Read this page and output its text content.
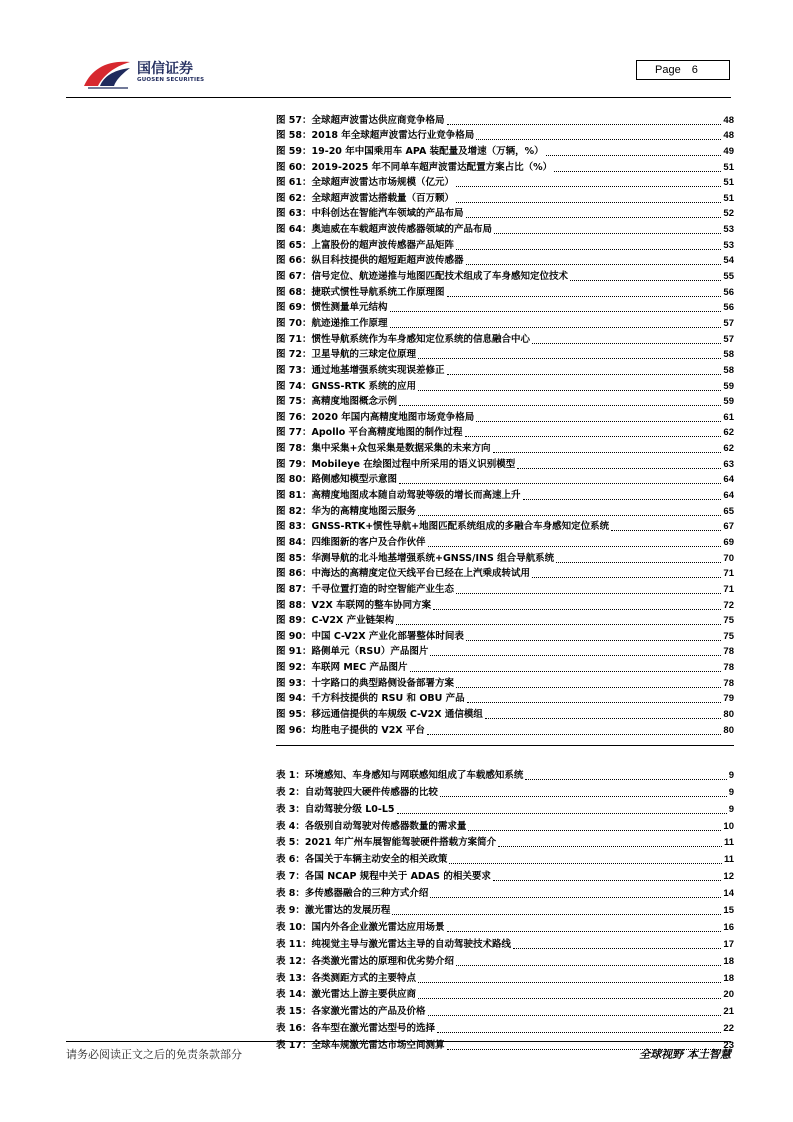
国信证券
GUOSEN SECURITIES
Page 6
图 57： 全球超声波雷达供应商竞争格局	48
图 58： 2018 年全球超声波雷达行业竞争格局	48
图 59： 19-20 年中国乘用车 APA 装配量及增速（万辆，%）	49
图 60： 2019-2025 年不同单车超声波雷达配置方案占比（%）	51
图 61： 全球超声波雷达市场规模（亿元）	51
图 62： 全球超声波雷达搭载量（百万颗）	51
图 63： 中科创达在智能汽车领域的产品布局	52
图 64： 奥迪威在车载超声波传感器领域的产品布局	53
图 65： 上富股份的超声波传感器产品矩阵	53
图 66： 纵目科技提供的超短距超声波传感器	54
图 67： 信号定位、航迹递推与地图匹配技术组成了车身感知定位技术	55
图 68： 捷联式惯性导航系统工作原理图	56
图 69： 惯性测量单元结构	56
图 70： 航迹递推工作原理	57
图 71： 惯性导航系统作为车身感知定位系统的信息融合中心	57
图 72： 卫星导航的三球定位原理	58
图 73： 通过地基增强系统实现误差修正	58
图 74： GNSS-RTK 系统的应用	59
图 75： 高精度地图概念示例	59
图 76： 2020 年国内高精度地图市场竞争格局	61
图 77： Apollo 平台高精度地图的制作过程	62
图 78： 集中采集+众包采集是数据采集的未来方向	62
图 79： Mobileye 在绘图过程中所采用的语义识别模型	63
图 80： 路侧感知模型示意图	64
图 81： 高精度地图成本随自动驾驶等级的增长而高速上升	64
图 82： 华为的高精度地图云服务	65
图 83： GNSS-RTK+惯性导航+地图匹配系统组成的多融合车身感知定位系统	67
图 84： 四维图新的客户及合作伙伴	69
图 85： 华测导航的北斗地基增强系统+GNSS/INS 组合导航系统	70
图 86： 中海达的高精度定位天线平台已经在上汽乘成转试用	71
图 87： 千寻位置打造的时空智能产业生态	71
图 88： V2X 车联网的整车协同方案	72
图 89： C-V2X 产业链架构	75
图 90： 中国 C-V2X 产业化部署整体时间表	75
图 91： 路侧单元（RSU）产品图片	78
图 92： 车联网 MEC 产品图片	78
图 93： 十字路口的典型路侧设备部署方案	78
图 94： 千方科技提供的 RSU 和 OBU 产品	79
图 95： 移远通信提供的车规级 C-V2X 通信模组	80
图 96： 均胜电子提供的 V2X 平台	80
表 1： 环境感知、车身感知与网联感知组成了车载感知系统	9
表 2： 自动驾驶四大硬件传感器的比较	9
表 3： 自动驾驶分级 L0-L5	9
表 4： 各级别自动驾驶对传感器数量的需求量	10
表 5： 2021 年广州车展智能驾驶硬件搭载方案简介	11
表 6： 各国关于车辆主动安全的相关政策	11
表 7： 各国 NCAP 规程中关于 ADAS 的相关要求	12
表 8： 多传感器融合的三种方式介绍	14
表 9： 激光雷达的发展历程	15
表 10： 国内外各企业激光雷达应用场景	16
表 11： 纯视觉主导与激光雷达主导的自动驾驶技术路线	17
表 12： 各类激光雷达的原理和优劣势介绍	18
表 13： 各类测距方式的主要特点	18
表 14： 激光雷达上游主要供应商	20
表 15： 各家激光雷达的产品及价格	21
表 16： 各车型在激光雷达型号的选择	22
表 17： 全球车规激光雷达市场空间测算	23
请务必阅读正文之后的免责条款部分	全球视野 本土智慧
